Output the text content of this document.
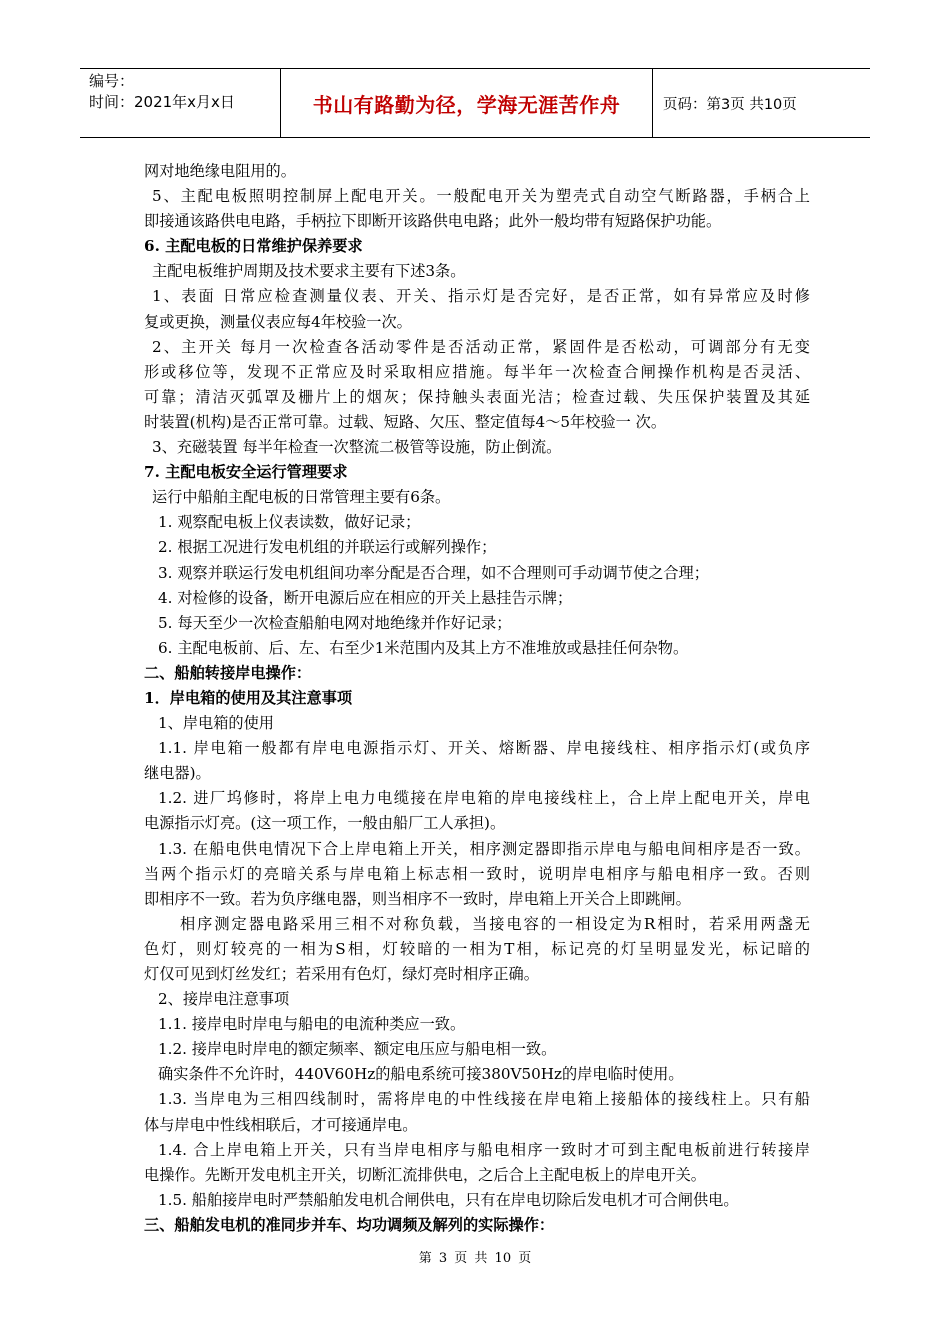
编号：
时间：2021年x月x日	书山有路勤为径，学海无涯苦作舟	页码：第3页 共10页
网对地绝缘电阻用的。
5、主配电板照明控制屏上配电开关。一般配电开关为塑壳式自动空气断路器，手柄合上
即接通该路供电电路，手柄拉下即断开该路供电电路；此外一般均带有短路保护功能。
6. 主配电板的日常维护保养要求
主配电板维护周期及技术要求主要有下述3条。
1、表面 日常应检查测量仪表、开关、指示灯是否完好，是否正常，如有异常应及时修
复或更换，测量仪表应每4年校验一次。
2、主开关 每月一次检查各活动零件是否活动正常，紧固件是否松动，可调部分有无变
形或移位等，发现不正常应及时采取相应措施。每半年一次检查合闸操作机构是否灵活、
可靠；清洁灭弧罩及栅片上的烟灰；保持触头表面光洁；检查过载、失压保护装置及其延
时装置(机构)是否正常可靠。过载、短路、欠压、整定值每4～5年校验一 次。
3、充磁装置 每半年检查一次整流二极管等设施，防止倒流。
7. 主配电板安全运行管理要求
运行中船舶主配电板的日常管理主要有6条。
1. 观察配电板上仪表读数，做好记录；
2. 根据工况进行发电机组的并联运行或解列操作；
3. 观察并联运行发电机组间功率分配是否合理，如不合理则可手动调节使之合理；
4. 对检修的设备，断开电源后应在相应的开关上悬挂告示牌；
5. 每天至少一次检查船舶电网对地绝缘并作好记录；
6. 主配电板前、后、左、右至少1米范围内及其上方不准堆放或悬挂任何杂物。
二、船舶转接岸电操作：
1．岸电箱的使用及其注意事项
1、岸电箱的使用
1.1. 岸电箱一般都有岸电电源指示灯、开关、熔断器、岸电接线柱、相序指示灯(或负序
继电器)。
1.2. 进厂坞修时，将岸上电力电缆接在岸电箱的岸电接线柱上，合上岸上配电开关，岸电
电源指示灯亮。(这一项工作，一般由船厂工人承担)。
1.3. 在船电供电情况下合上岸电箱上开关，相序测定器即指示岸电与船电间相序是否一致。
当两个指示灯的亮暗关系与岸电箱上标志相一致时，说明岸电相序与船电相序一致。否则
即相序不一致。若为负序继电器，则当相序不一致时，岸电箱上开关合上即跳闸。
相序测定器电路采用三相不对称负载，当接电容的一相设定为R相时，若采用两盏无
色灯，则灯较亮的一相为S相，灯较暗的一相为T相，标记亮的灯呈明显发光，标记暗的
灯仅可见到灯丝发红；若采用有色灯，绿灯亮时相序正确。
2、接岸电注意事项
1.1. 接岸电时岸电与船电的电流种类应一致。
1.2. 接岸电时岸电的额定频率、额定电压应与船电相一致。
确实条件不允许时，440V60Hz的船电系统可接380V50Hz的岸电临时使用。
1.3. 当岸电为三相四线制时，需将岸电的中性线接在岸电箱上接船体的接线柱上。只有船
体与岸电中性线相联后，才可接通岸电。
1.4. 合上岸电箱上开关，只有当岸电相序与船电相序一致时才可到主配电板前进行转接岸
电操作。先断开发电机主开关，切断汇流排供电，之后合上主配电板上的岸电开关。
1.5. 船舶接岸电时严禁船舶发电机合闸供电，只有在岸电切除后发电机才可合闸供电。
三、船舶发电机的准同步并车、均功调频及解列的实际操作：
第 3 页 共 10 页
